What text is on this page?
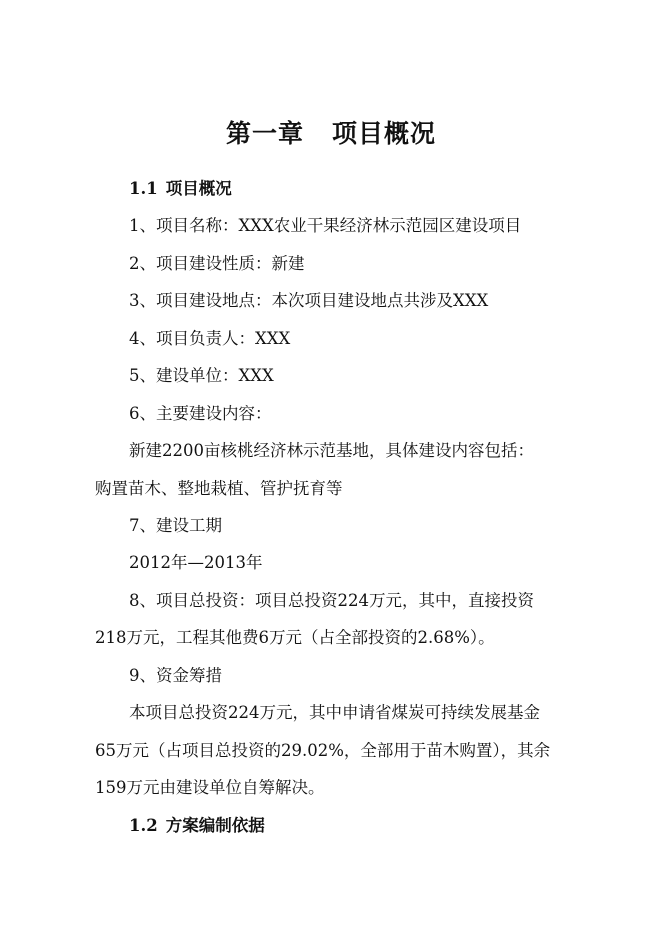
第一章 项目概况
1.1 项目概况
1、项目名称：XXX农业干果经济林示范园区建设项目
2、项目建设性质：新建
3、项目建设地点：本次项目建设地点共涉及XXX
4、项目负责人：XXX
5、建设单位：XXX
6、主要建设内容：
新建2200亩核桃经济林示范基地，具体建设内容包括：
购置苗木、整地栽植、管护抚育等
7、建设工期
2012年—2013年
8、项目总投资：项目总投资224万元，其中，直接投资
218万元，工程其他费6万元（占全部投资的2.68%）。
9、资金筹措
本项目总投资224万元，其中申请省煤炭可持续发展基金
65万元（占项目总投资的29.02%，全部用于苗木购置），其余
159万元由建设单位自筹解决。
1.2 方案编制依据
